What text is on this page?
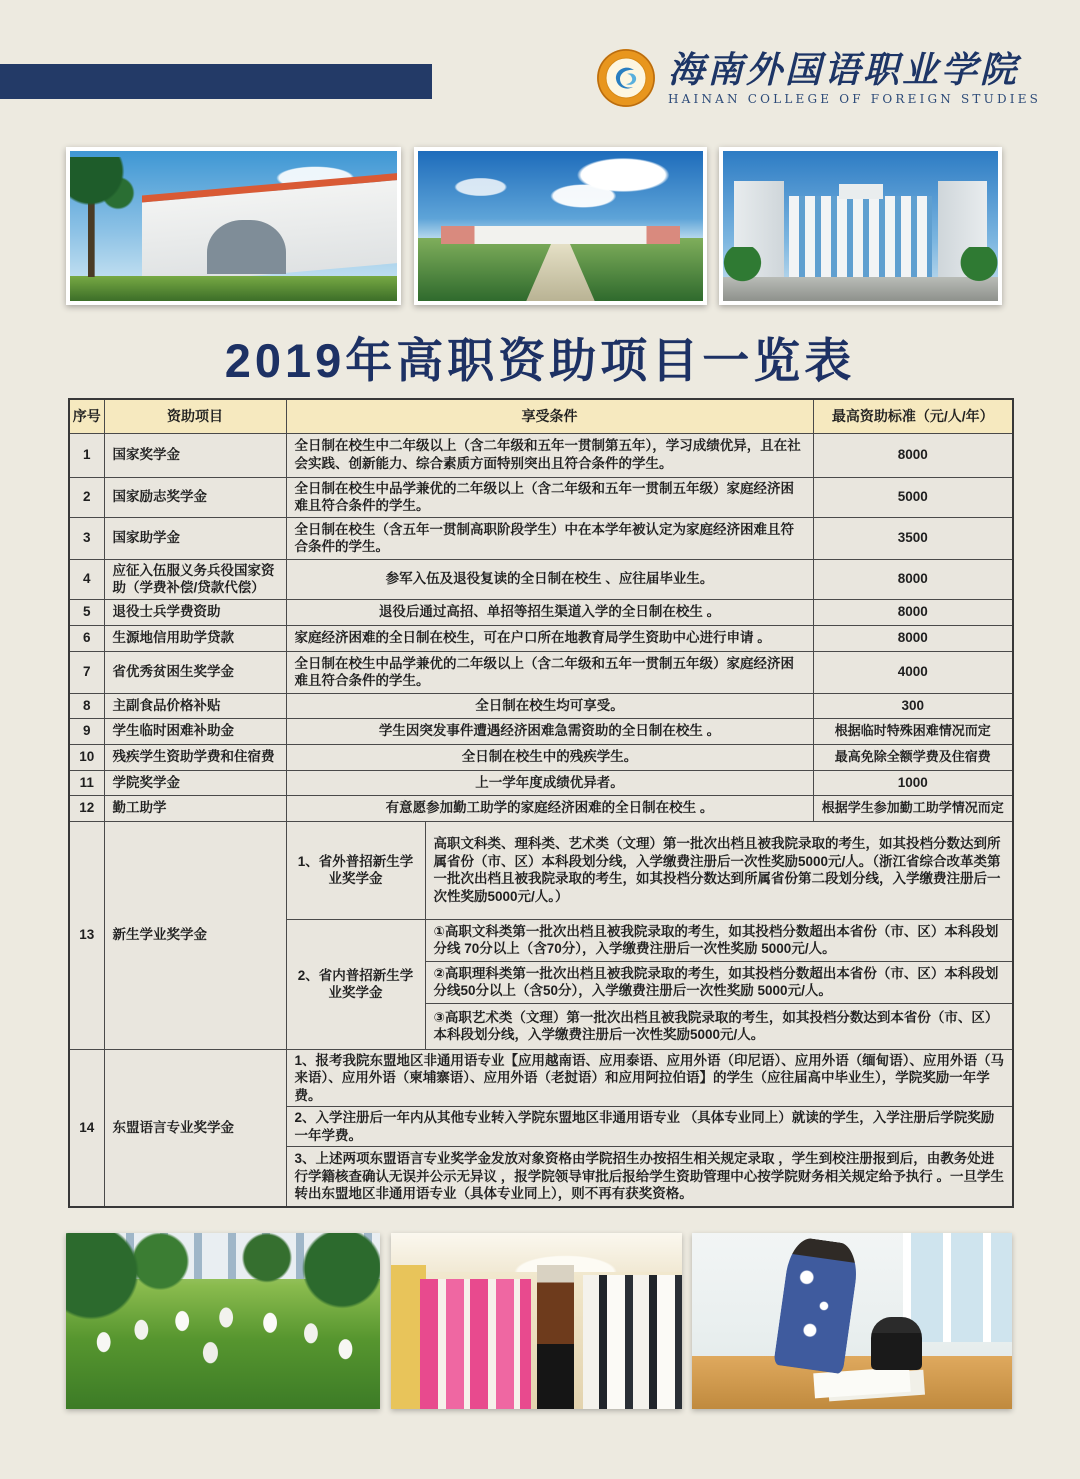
海南外国语职业学院
HAINAN COLLEGE OF FOREIGN STUDIES
2019年高职资助项目一览表
序号	资助项目	享受条件		最高资助标准（元/人/年）
1	国家奖学金	全日制在校生中二年级以上（含二年级和五年一贯制第五年），学习成绩优异，且在社会实践、创新能力、综合素质方面特别突出且符合条件的学生。		8000
2	国家励志奖学金	全日制在校生中品学兼优的二年级以上（含二年级和五年一贯制五年级）家庭经济困难且符合条件的学生。		5000
3	国家助学金	全日制在校生（含五年一贯制高职阶段学生）中在本学年被认定为家庭经济困难且符合条件的学生。		3500
4	应征入伍服义务兵役国家资助（学费补偿/贷款代偿）	参军入伍及退役复读的全日制在校生 、应往届毕业生。		8000
5	退役士兵学费资助	退役后通过高招、单招等招生渠道入学的全日制在校生 。		8000
6	生源地信用助学贷款	家庭经济困难的全日制在校生，可在户口所在地教育局学生资助中心进行申请 。		8000
7	省优秀贫困生奖学金	全日制在校生中品学兼优的二年级以上（含二年级和五年一贯制五年级）家庭经济困难且符合条件的学生。		4000
8	主副食品价格补贴	全日制在校生均可享受。		300
9	学生临时困难补助金	学生因突发事件遭遇经济困难急需资助的全日制在校生 。		根据临时特殊困难情况而定
10	残疾学生资助学费和住宿费	全日制在校生中的残疾学生。		最高免除全额学费及住宿费
11	学院奖学金	上一学年度成绩优异者。		1000
12	勤工助学	有意愿参加勤工助学的家庭经济困难的全日制在校生 。		根据学生参加勤工助学情况而定
13	新生学业奖学金	1、省外普招新生学业奖学金	高职文科类、理科类、艺术类（文理）第一批次出档且被我院录取的考生，如其投档分数达到所属省份（市、区）本科段划分线，入学缴费注册后一次性奖励5000元/人。（浙江省综合改革类第一批次出档且被我院录取的考生，如其投档分数达到所属省份第二段划分线，入学缴费注册后一次性奖励5000元/人。）	
		2、省内普招新生学业奖学金	①高职文科类第一批次出档且被我院录取的考生，如其投档分数超出本省份（市、区）本科段划分线 70分以上（含70分），入学缴费注册后一次性奖励 5000元/人。	
			②高职理科类第一批次出档且被我院录取的考生，如其投档分数超出本省份（市、区）本科段划分线50分以上（含50分），入学缴费注册后一次性奖励 5000元/人。	
			③高职艺术类（文理）第一批次出档且被我院录取的考生，如其投档分数达到本省份（市、区）本科段划分线，入学缴费注册后一次性奖励5000元/人。	
14	东盟语言专业奖学金	1、报考我院东盟地区非通用语专业【应用越南语、应用泰语、应用外语（印尼语）、应用外语（缅甸语）、应用外语（马来语）、应用外语（柬埔寨语）、应用外语（老挝语）和应用阿拉伯语】的学生（应往届高中毕业生），学院奖励一年学费。		
		2、入学注册后一年内从其他专业转入学院东盟地区非通用语专业 （具体专业同上）就读的学生，入学注册后学院奖励一年学费。		
		3、上述两项东盟语言专业奖学金发放对象资格由学院招生办按招生相关规定录取 ，学生到校注册报到后，由教务处进行学籍核查确认无误并公示无异议 ，报学院领导审批后报给学生资助管理中心按学院财务相关规定给予执行 。一旦学生转出东盟地区非通用语专业（具体专业同上），则不再有获奖资格。		
